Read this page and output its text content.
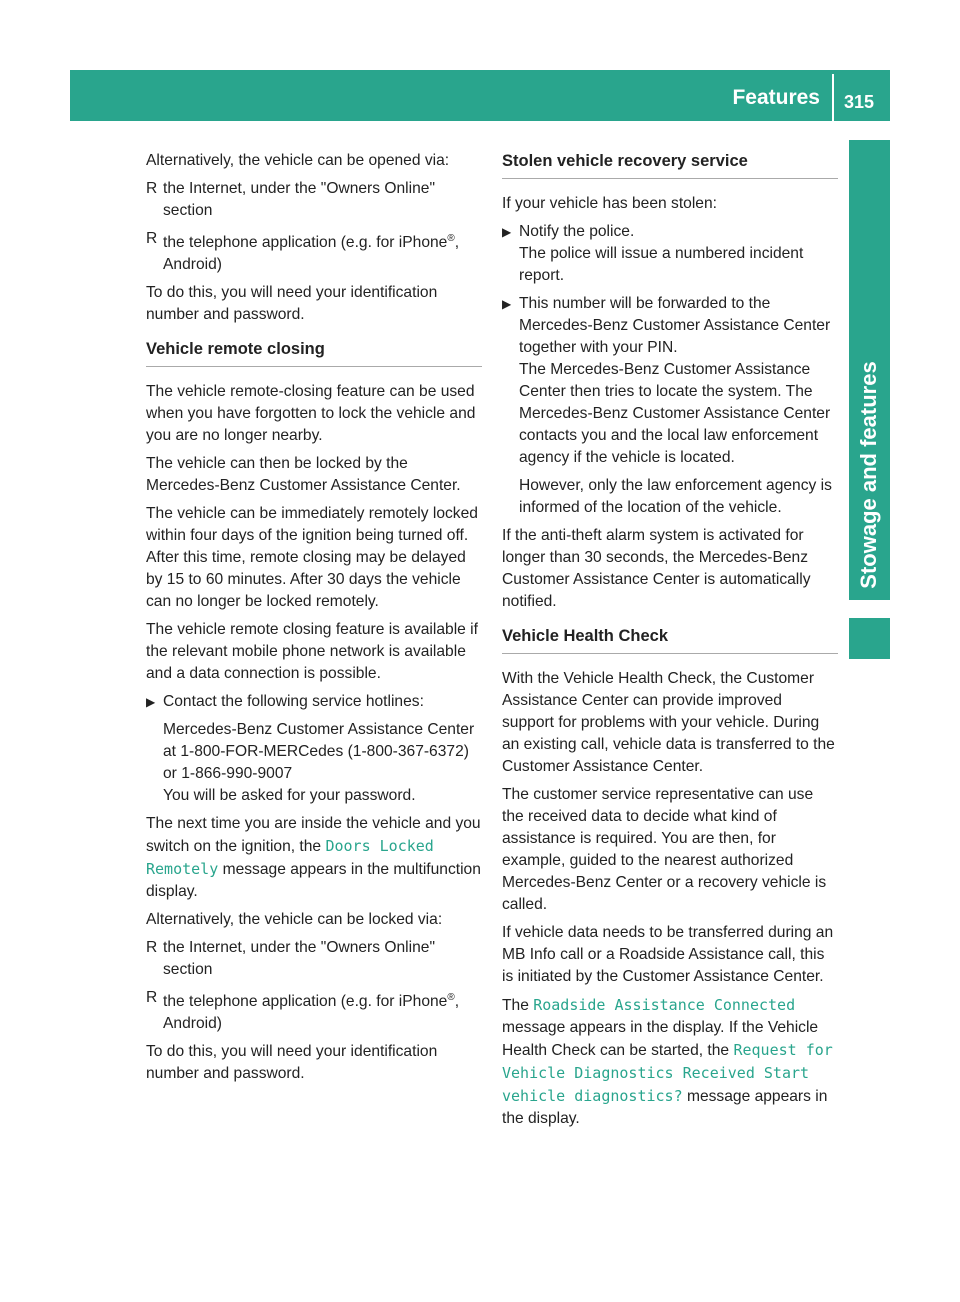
Features 315
Stowage and features

Alternatively, the vehicle can be opened via:

R the Internet, under the "Owners Online" section
R the telephone application (e.g. for iPhone®, Android)

To do this, you will need your identification number and password.

Vehicle remote closing

The vehicle remote-closing feature can be used when you have forgotten to lock the vehicle and you are no longer nearby.

The vehicle can then be locked by the Mercedes-Benz Customer Assistance Center.

The vehicle can be immediately remotely locked within four days of the ignition being turned off. After this time, remote closing may be delayed by 15 to 60 minutes. After 30 days the vehicle can no longer be locked remotely.

The vehicle remote closing feature is available if the relevant mobile phone network is available and a data connection is possible.

▶ Contact the following service hotlines:
Mercedes-Benz Customer Assistance Center at 1-800-FOR-MERCedes (1-800-367-6372) or 1-866-990-9007
You will be asked for your password.

The next time you are inside the vehicle and you switch on the ignition, the Doors Locked Remotely message appears in the multifunction display.

Alternatively, the vehicle can be locked via:

R the Internet, under the "Owners Online" section
R the telephone application (e.g. for iPhone®, Android)

To do this, you will need your identification number and password.

Stolen vehicle recovery service

If your vehicle has been stolen:

▶ Notify the police.
The police will issue a numbered incident report.
▶ This number will be forwarded to the Mercedes-Benz Customer Assistance Center together with your PIN.
The Mercedes-Benz Customer Assistance Center then tries to locate the system. The Mercedes-Benz Customer Assistance Center contacts you and the local law enforcement agency if the vehicle is located.
However, only the law enforcement agency is informed of the location of the vehicle.

If the anti-theft alarm system is activated for longer than 30 seconds, the Mercedes-Benz Customer Assistance Center is automatically notified.

Vehicle Health Check

With the Vehicle Health Check, the Customer Assistance Center can provide improved support for problems with your vehicle. During an existing call, vehicle data is transferred to the Customer Assistance Center.

The customer service representative can use the received data to decide what kind of assistance is required. You are then, for example, guided to the nearest authorized Mercedes-Benz Center or a recovery vehicle is called.

If vehicle data needs to be transferred during an MB Info call or a Roadside Assistance call, this is initiated by the Customer Assistance Center.

The Roadside Assistance Connected message appears in the display. If the Vehicle Health Check can be started, the Request for Vehicle Diagnostics Received Start vehicle diagnostics? message appears in the display.
